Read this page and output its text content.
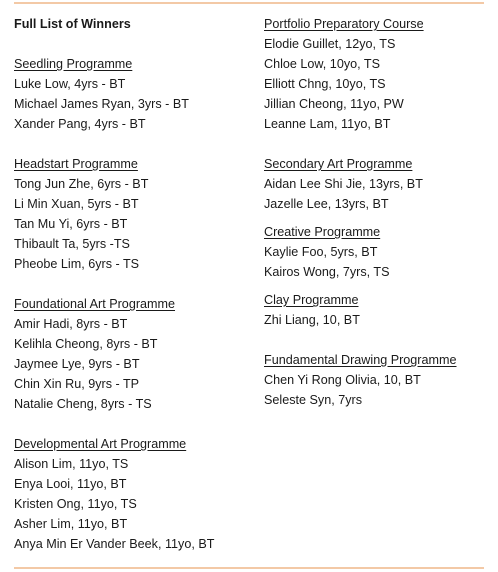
Full List of Winners
Seedling Programme
Luke Low, 4yrs - BT
Michael James Ryan, 3yrs - BT
Xander Pang, 4yrs - BT
Headstart Programme
Tong Jun Zhe, 6yrs - BT
Li Min Xuan, 5yrs - BT
Tan Mu Yi, 6yrs - BT
Thibault Ta, 5yrs -TS
Pheobe Lim, 6yrs - TS
Foundational Art Programme
Amir Hadi, 8yrs - BT
Kelihla Cheong, 8yrs - BT
Jaymee Lye, 9yrs - BT
Chin Xin Ru, 9yrs - TP
Natalie Cheng, 8yrs - TS
Developmental Art Programme
Alison Lim, 11yo, TS
Enya Looi, 11yo, BT
Kristen Ong, 11yo, TS
Asher Lim, 11yo, BT
Anya Min Er Vander Beek, 11yo, BT
Portfolio Preparatory Course
Elodie Guillet, 12yo, TS
Chloe Low, 10yo, TS
Elliott Chng, 10yo, TS
Jillian Cheong, 11yo, PW
Leanne Lam, 11yo, BT
Secondary Art Programme
Aidan Lee Shi Jie, 13yrs, BT
Jazelle Lee, 13yrs, BT
Creative Programme
Kaylie Foo, 5yrs, BT
Kairos Wong, 7yrs, TS
Clay Programme
Zhi Liang, 10, BT
Fundamental Drawing Programme
Chen Yi Rong Olivia, 10, BT
Seleste Syn, 7yrs
